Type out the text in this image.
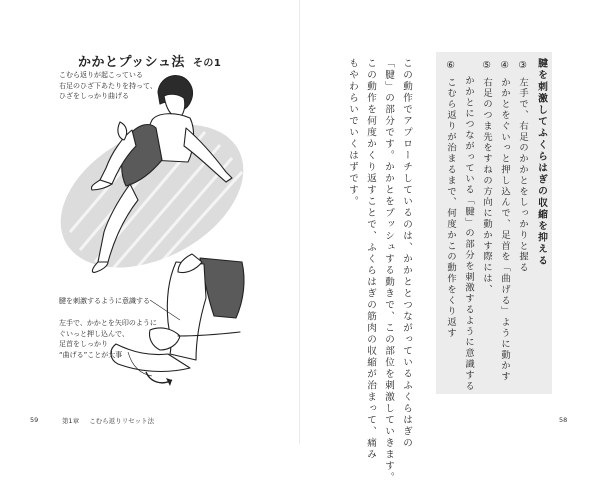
かかとプッシュ法 その1
こむら返りが起こっている
右足のひざ下あたりを持って、
ひざをしっかり曲げる
腱を刺激するように意識する
左手で、かかとを矢印のように
ぐいっと押し込んで、
足首をしっかり
“曲げる”ことが大事	この動作でアプローチしているのは、かかととつながっているふくらはぎの
「腱」の部分です。かかとをプッシュする動きで、この部位を刺激していきます。
この動作を何度かくり返すことで、ふくらはぎの筋肉の収縮が治まって、痛み
もやわらいでいくはずです。	腱を刺激してふくらはぎの収縮を抑える
③ 左手で、右足のかかとをしっかりと握る
④ かかとをぐいっと押し込んで、足首を「曲げる」ように動かす
⑤ 右足のつま先をすねの方向に動かす際には、
　 かかとにつながっている「腱」の部分を刺激するように意識する
⑥ こむら返りが治まるまで、何度かこの動作をくり返す
59	第1章 こむら返りリセット法	58
